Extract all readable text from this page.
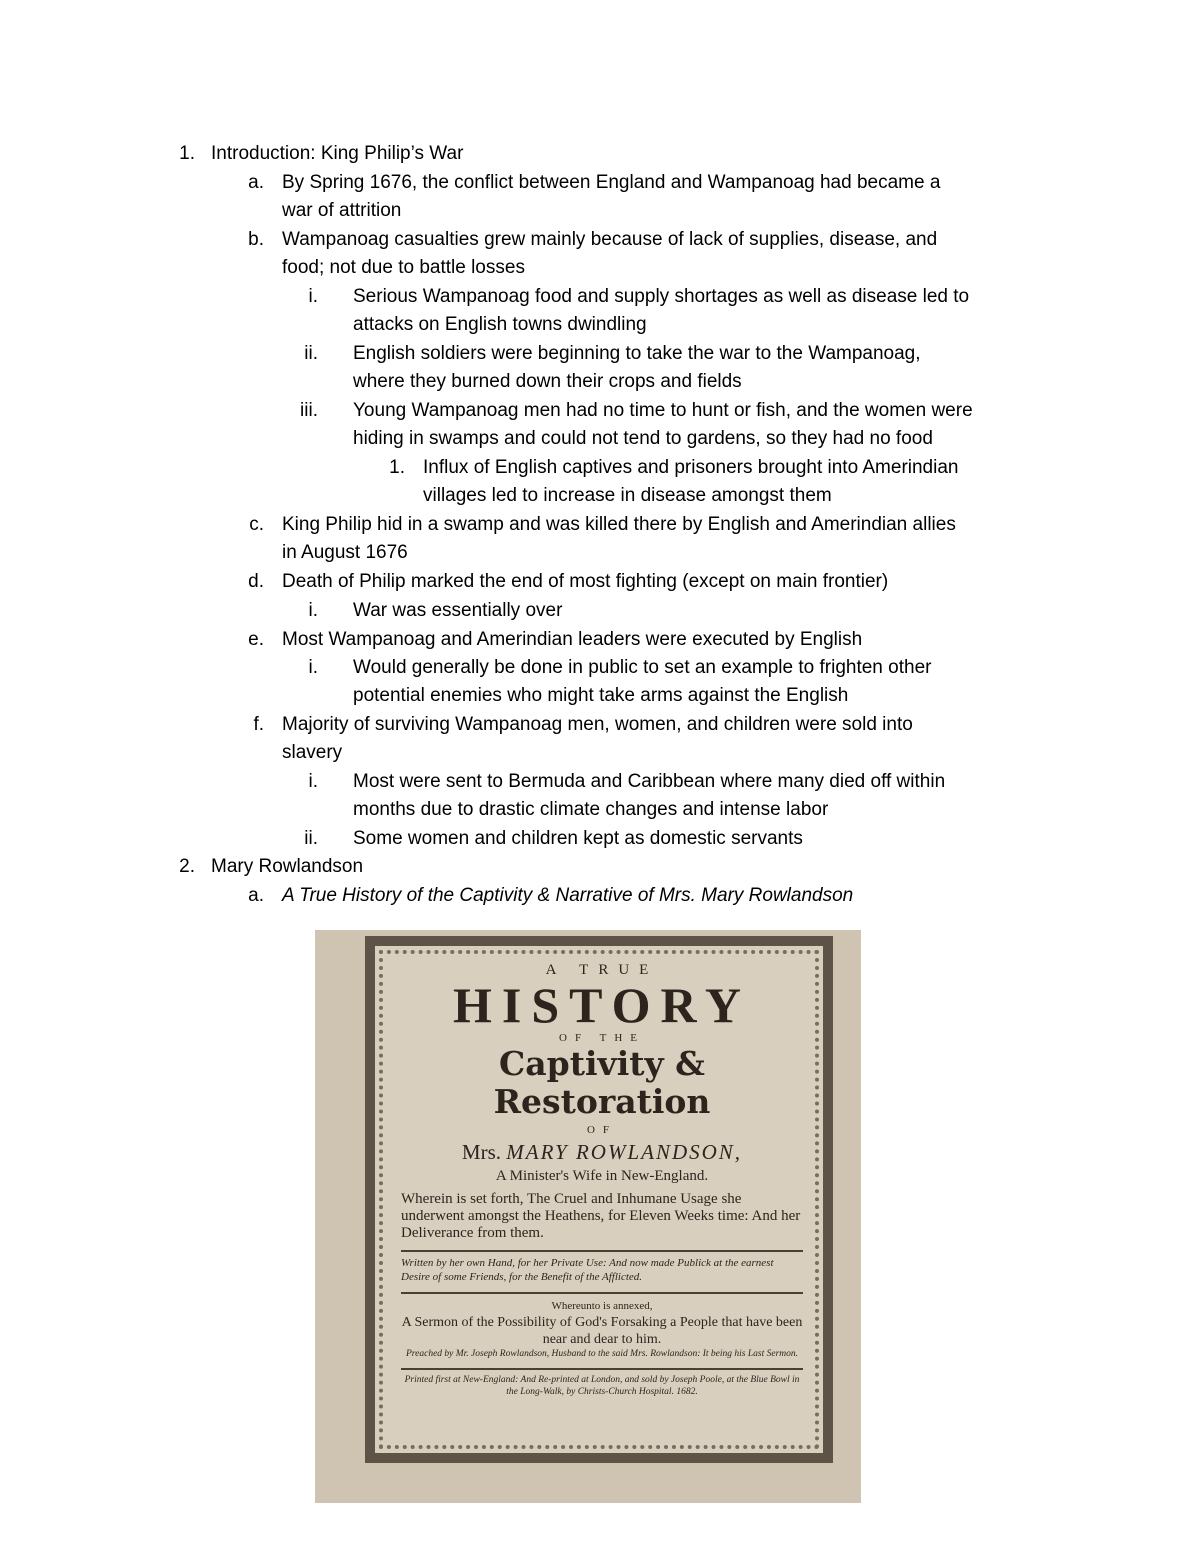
1. Introduction: King Philip’s War
a. By Spring 1676, the conflict between England and Wampanoag had became a
war of attrition
b. Wampanoag casualties grew mainly because of lack of supplies, disease, and
food; not due to battle losses
i. Serious Wampanoag food and supply shortages as well as disease led to
attacks on English towns dwindling
ii. English soldiers were beginning to take the war to the Wampanoag,
where they burned down their crops and fields
iii. Young Wampanoag men had no time to hunt or fish, and the women were
hiding in swamps and could not tend to gardens, so they had no food
1. Influx of English captives and prisoners brought into Amerindian
villages led to increase in disease amongst them
c. King Philip hid in a swamp and was killed there by English and Amerindian allies
in August 1676
d. Death of Philip marked the end of most fighting (except on main frontier)
i. War was essentially over
e. Most Wampanoag and Amerindian leaders were executed by English
i. Would generally be done in public to set an example to frighten other
potential enemies who might take arms against the English
f. Majority of surviving Wampanoag men, women, and children were sold into
slavery
i. Most were sent to Bermuda and Caribbean where many died off within
months due to drastic climate changes and intense labor
ii. Some women and children kept as domestic servants
2. Mary Rowlandson
a. A True History of the Captivity & Narrative of Mrs. Mary Rowlandson
A TRUE
HISTORY
OF THE
Captivity & Restoration
OF
Mrs. MARY ROWLANDSON,
A Minister's Wife in New-England.
Wherein is set forth, The Cruel and Inhumane Usage she underwent amongst the Heathens, for Eleven Weeks time: And her Deliverance from them.
Written by her own Hand, for her Private Use: And now made Publick at the earnest Desire of some Friends, for the Benefit of the Afflicted.
Whereunto is annexed,
A Sermon of the Possibility of God's Forsaking a People that have been near and dear to him.
Preached by Mr. Joseph Rowlandson, Husband to the said Mrs. Rowlandson: It being his Last Sermon.
Printed first at New-England: And Re-printed at London, and sold by Joseph Poole, at the Blue Bowl in the Long-Walk, by Christs-Church Hospital. 1682.
